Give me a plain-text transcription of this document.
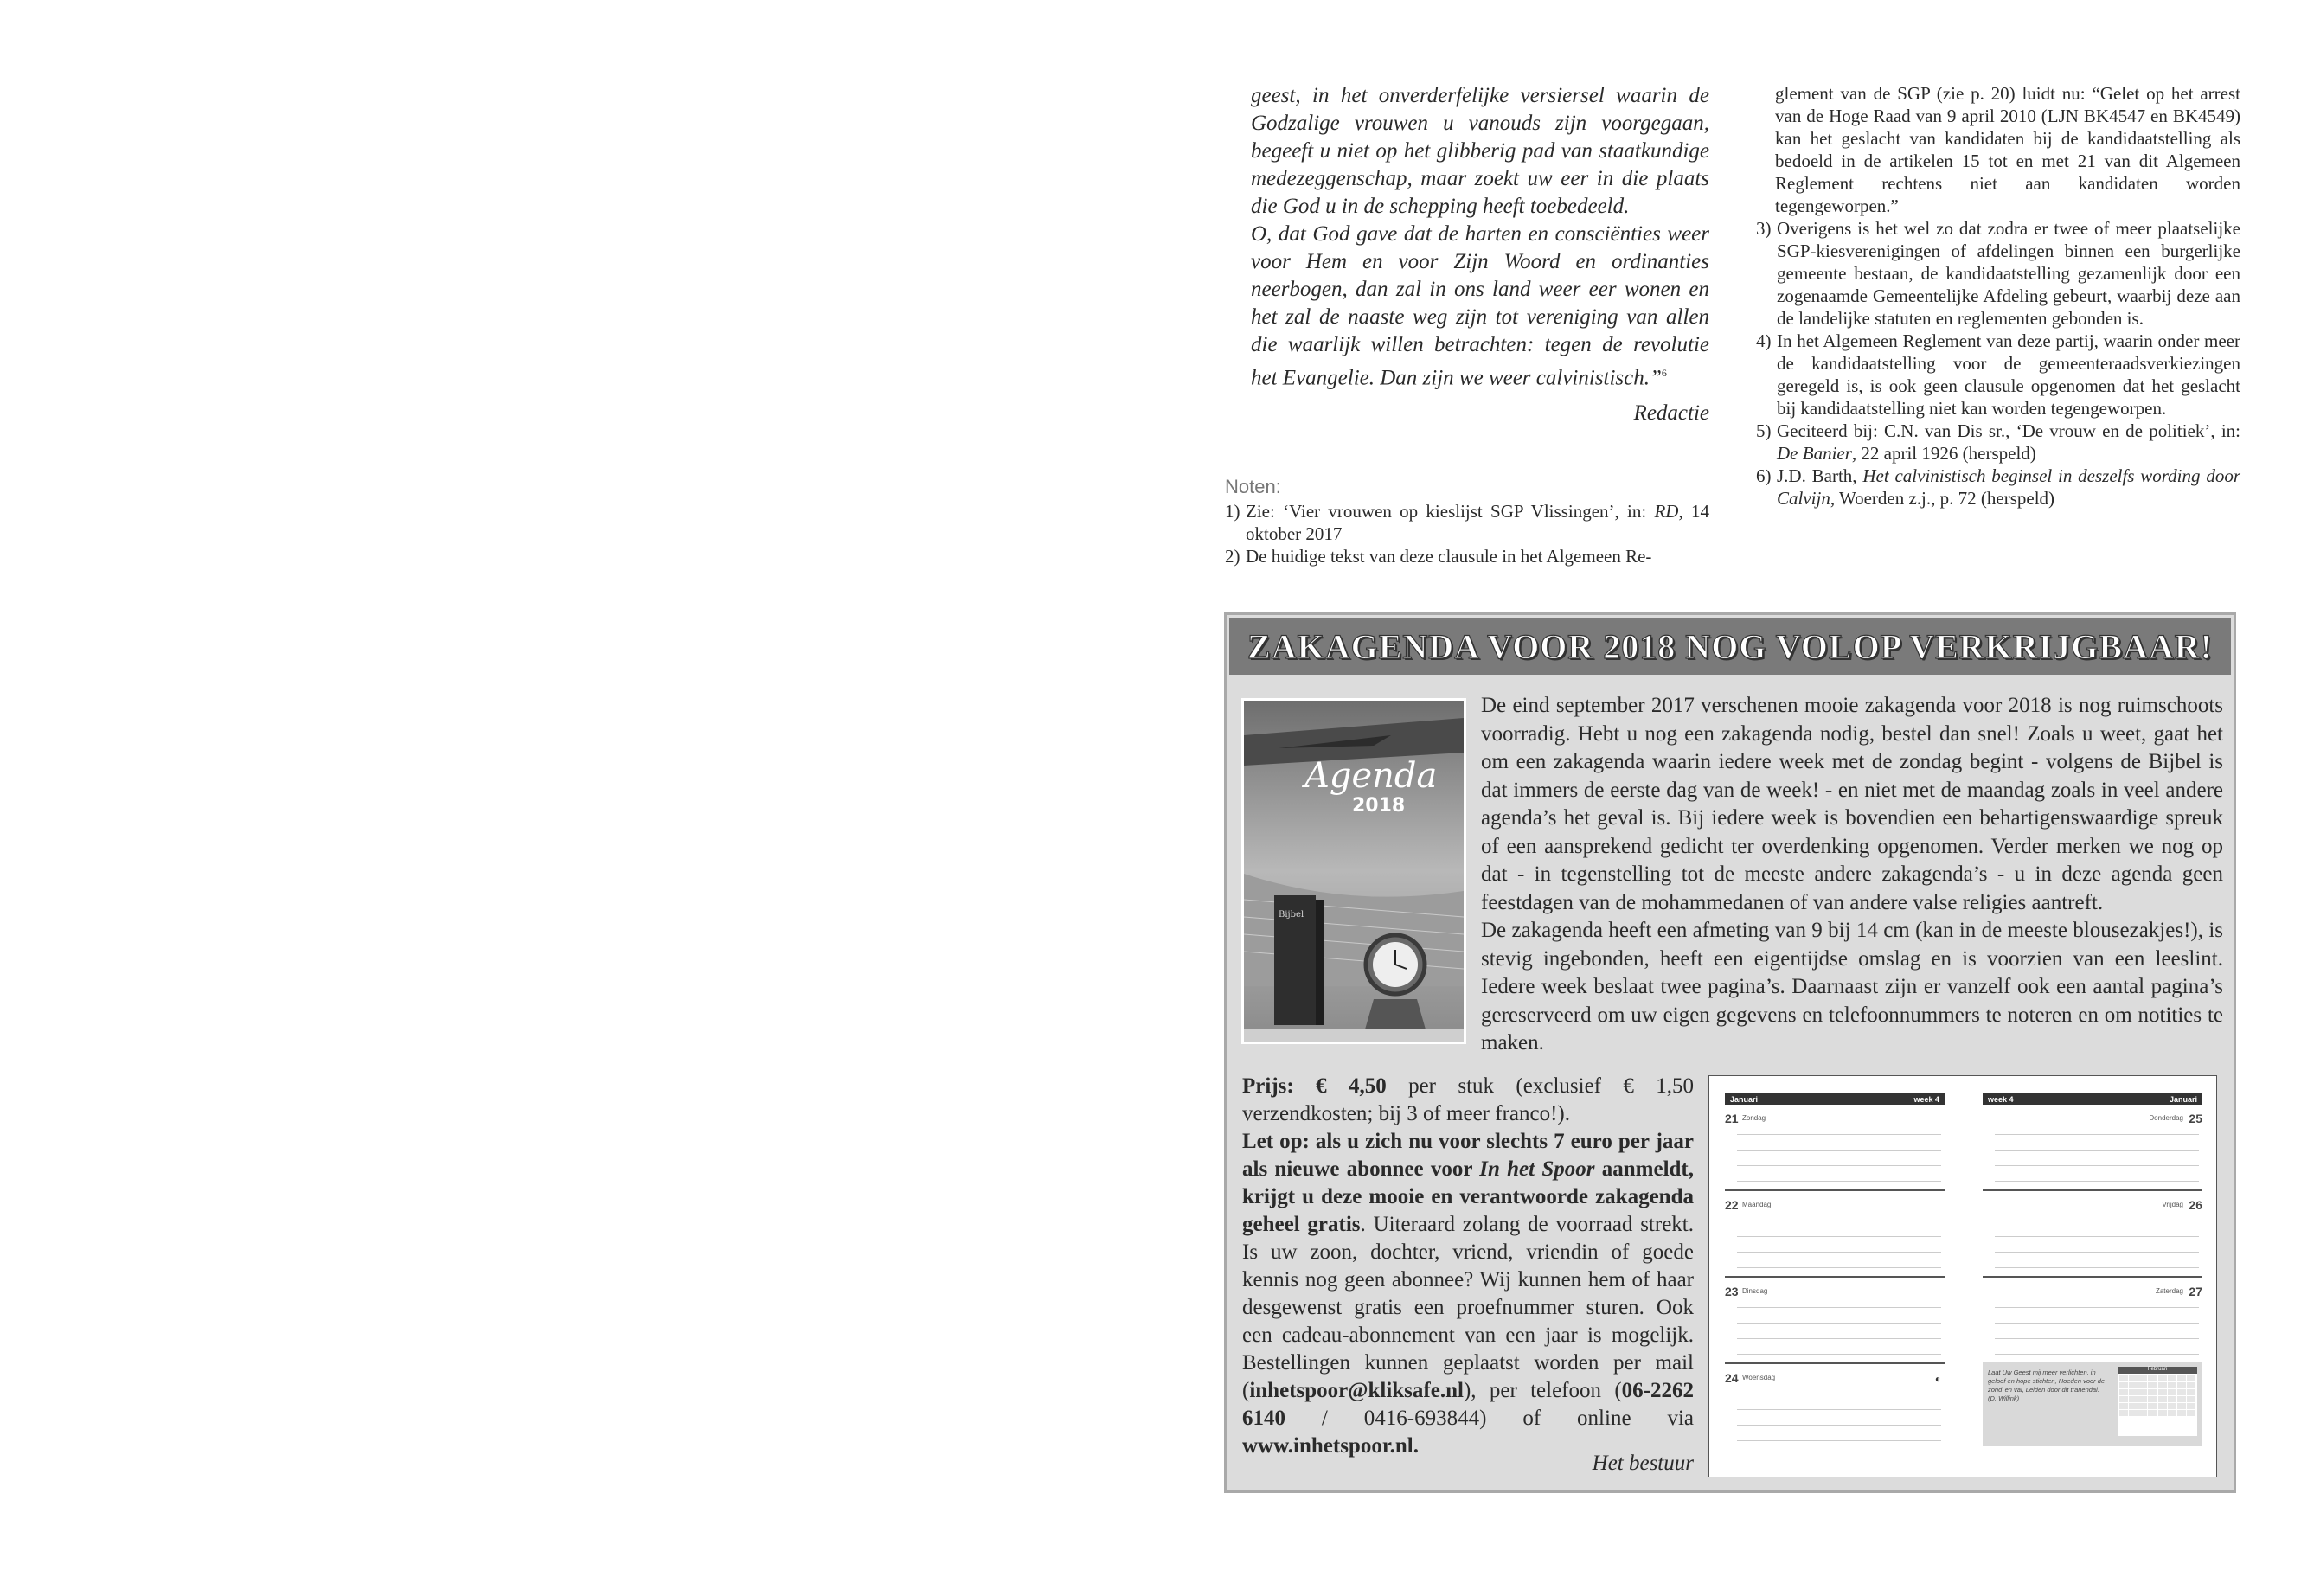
geest, in het onverderfelijke versiersel waarin de Godzalige vrouwen u vanouds zijn voorgegaan, begeeft u niet op het glibberig pad van staatkundige medezeggenschap, maar zoekt uw eer in die plaats die God u in de schepping heeft toebedeeld.

O, dat God gave dat de harten en consciënties weer voor Hem en voor Zijn Woord en ordinanties neerbogen, dan zal in ons land weer eer wonen en het zal de naaste weg zijn tot vereniging van allen die waarlijk willen betrachten: tegen de revolutie het Evangelie. Dan zijn we weer calvinistisch.”$^6$

Redactie
Noten:
1) Zie: ‘Vier vrouwen op kieslijst SGP Vlissingen’, in: RD, 14 oktober 2017
2) De huidige tekst van deze clausule in het Algemeen Re-

glement van de SGP (zie p. 20) luidt nu: “Gelet op het arrest van de Hoge Raad van 9 april 2010 (LJN BK4547 en BK4549) kan het geslacht van kandidaten bij de kandidaatstelling als bedoeld in de artikelen 15 tot en met 21 van dit Algemeen Reglement rechtens niet aan kandidaten worden tegengeworpen.”

3) Overigens is het wel zo dat zodra er twee of meer plaatselijke SGP-kiesverenigingen of afdelingen binnen een burgerlijke gemeente bestaan, de kandidaatstelling gezamenlijk door een zogenaamde Gemeentelijke Afdeling gebeurt, waarbij deze aan de landelijke statuten en reglementen gebonden is.
4) In het Algemeen Reglement van deze partij, waarin onder meer de kandidaatstelling voor de gemeenteraadsverkiezingen geregeld is, is ook geen clausule opgenomen dat het geslacht bij kandidaatstelling niet kan worden tegengeworpen.
5) Geciteerd bij: C.N. van Dis sr., ‘De vrouw en de politiek’, in: De Banier, 22 april 1926 (herspeld)
6) J.D. Barth, Het calvinistisch beginsel in deszelfs wording door Calvijn, Woerden z.j., p. 72 (herspeld)
ZAKAGENDA VOOR 2018 NOG VOLOP VERKRIJGBAAR!
Agenda
2018
Bijbel

De eind september 2017 verschenen mooie zakagenda voor 2018 is nog ruimschoots voorradig. Hebt u nog een zakagenda nodig, bestel dan snel! Zoals u weet, gaat het om een zakagenda waarin iedere week met de zondag begint - volgens de Bijbel is dat immers de eerste dag van de week! - en niet met de maandag zoals in veel andere agenda’s het geval is. Bij iedere week is bovendien een behartigenswaardige spreuk of een aansprekend gedicht ter overdenking opgenomen. Verder merken we nog op dat - in tegenstelling tot de meeste andere zakagenda’s - u in deze agenda geen feestdagen van de mohammedanen of van andere valse religies aantreft.

De zakagenda heeft een afmeting van 9 bij 14 cm (kan in de meeste blousezakjes!), is stevig ingebonden, heeft een eigentijdse omslag en is voorzien van een leeslint. Iedere week beslaat twee pagina’s. Daarnaast zijn er vanzelf ook een aantal pagina’s gereserveerd om uw eigen gegevens en telefoonnummers te noteren en om notities te maken.

Prijs: € 4,50 per stuk (exclusief € 1,50 verzendkosten; bij 3 of meer franco!).

Let op: als u zich nu voor slechts 7 euro per jaar als nieuwe abonnee voor In het Spoor aanmeldt, krijgt u deze mooie en verantwoorde zakagenda geheel gratis. Uiteraard zolang de voorraad strekt. Is uw zoon, dochter, vriend, vriendin of goede kennis nog geen abonnee? Wij kunnen hem of haar desgewenst gratis een proefnummer sturen. Ook een cadeau-abonnement van een jaar is mogelijk. Bestellingen kunnen geplaatst worden per mail (inhetspoor@kliksafe.nl), per telefoon (06-2262 6140 / 0416-693844) of online via www.inhetspoor.nl.

Het bestuur
Januari	week 4
21 Zondag
22 Maandag
23 Dinsdag
24 Woensdag	◐
week 4	Januari
25
Donderdag
26
Vrijdag
27
Zaterdag
Laat Uw Geest mij meer verlichten, in geloof en hope stichten, Hoeden voor de zond’ en val, Leiden door dit tranendal. (D. Willink)
Februari
